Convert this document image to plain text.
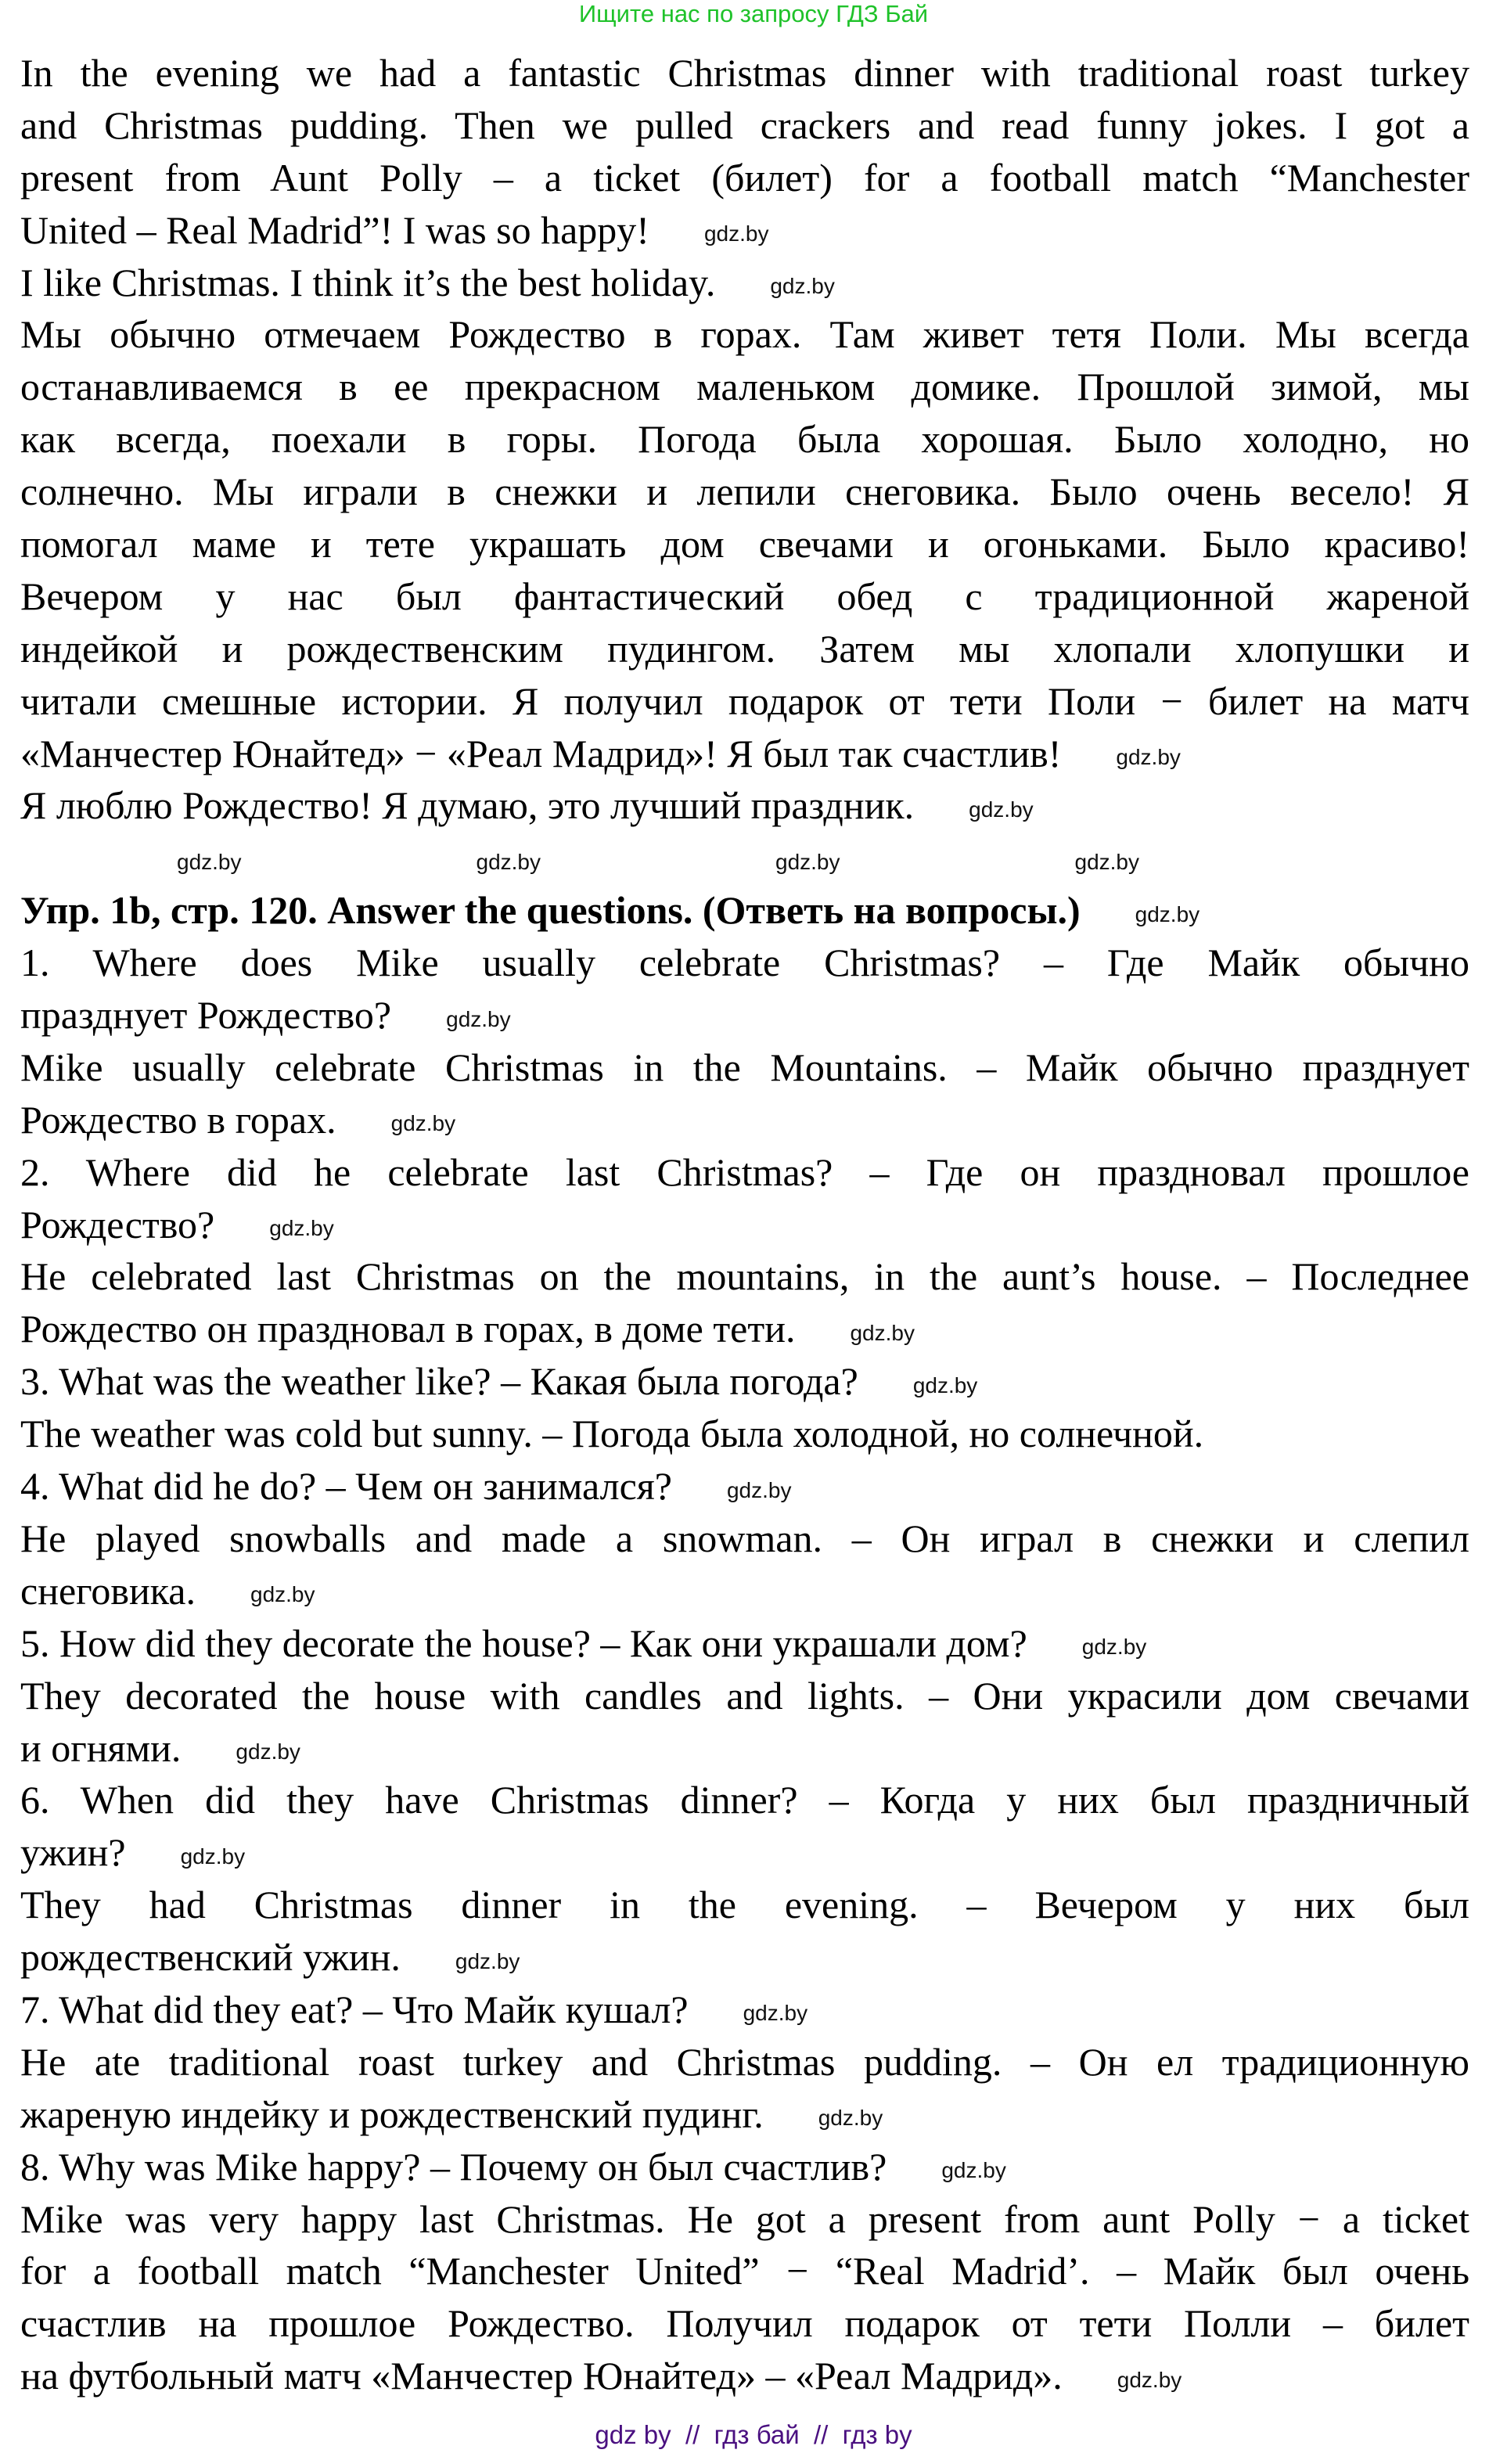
Ищите нас по запросу ГДЗ Бай
In the evening we had a fantastic Christmas dinner with traditional roast turkey
and Christmas pudding. Then we pulled crackers and read funny jokes. I got a
present from Aunt Polly – a ticket (билет) for a football match “Manchester
United – Real Madrid”! I was so happy!	gdz.by
I like Christmas. I think it’s the best holiday.	gdz.by
Мы обычно отмечаем Рождество в горах. Там живет тетя Поли. Мы всегда
останавливаемся в ее прекрасном маленьком домике. Прошлой зимой, мы
как всегда, поехали в горы. Погода была хорошая. Было холодно, но
солнечно. Мы играли в снежки и лепили снеговика. Было очень весело! Я
помогал маме и тете украшать дом свечами и огоньками. Было красиво!
Вечером у нас был фантастический обед с традиционной жареной
индейкой и рождественским пудингом. Затем мы хлопали хлопушки и
читали смешные истории. Я получил подарок от тети Поли − билет на матч
«Манчестер Юнайтед» − «Реал Мадрид»! Я был так счастлив!	gdz.by
Я люблю Рождество! Я думаю, это лучший праздник.	gdz.by
gdz.by	gdz.by	gdz.by	gdz.by
Упр. 1b, стр. 120. Answer the questions. (Ответь на вопросы.)	gdz.by
1. Where does Mike usually celebrate Christmas? – Где Майк обычно
празднует Рождество?	gdz.by
Mike usually celebrate Christmas in the Mountains. – Майк обычно празднует
Рождество в горах.	gdz.by
2. Where did he celebrate last Christmas? – Где он праздновал прошлое
Рождество?	gdz.by
He celebrated last Christmas on the mountains, in the aunt’s house. – Последнее
Рождество он праздновал в горах, в доме тети.	gdz.by
3. What was the weather like? – Какая была погода?	gdz.by
The weather was cold but sunny. – Погода была холодной, но солнечной.
4. What did he do? – Чем он занимался?	gdz.by
He played snowballs and made a snowman. – Он играл в снежки и слепил
снеговика.	gdz.by
5. How did they decorate the house? – Как они украшали дом?	gdz.by
They decorated the house with candles and lights. – Они украсили дом свечами
и огнями.	gdz.by
6. When did they have Christmas dinner? – Когда у них был праздничный
ужин?	gdz.by
They had Christmas dinner in the evening. – Вечером у них был
рождественский ужин.	gdz.by
7. What did they eat? – Что Майк кушал?	gdz.by
He ate traditional roast turkey and Christmas pudding. – Он ел традиционную
жареную индейку и рождественский пудинг.	gdz.by
8. Why was Mike happy? – Почему он был счастлив?	gdz.by
Mike was very happy last Christmas. He got a present from aunt Polly − a ticket
for a football match “Manchester United” − “Real Madrid’. – Майк был очень
счастлив на прошлое Рождество. Получил подарок от тети Полли – билет
на футбольный матч «Манчестер Юнайтед» – «Реал Мадрид».	gdz.by
gdz by  //  гдз бай  //  гдз by
